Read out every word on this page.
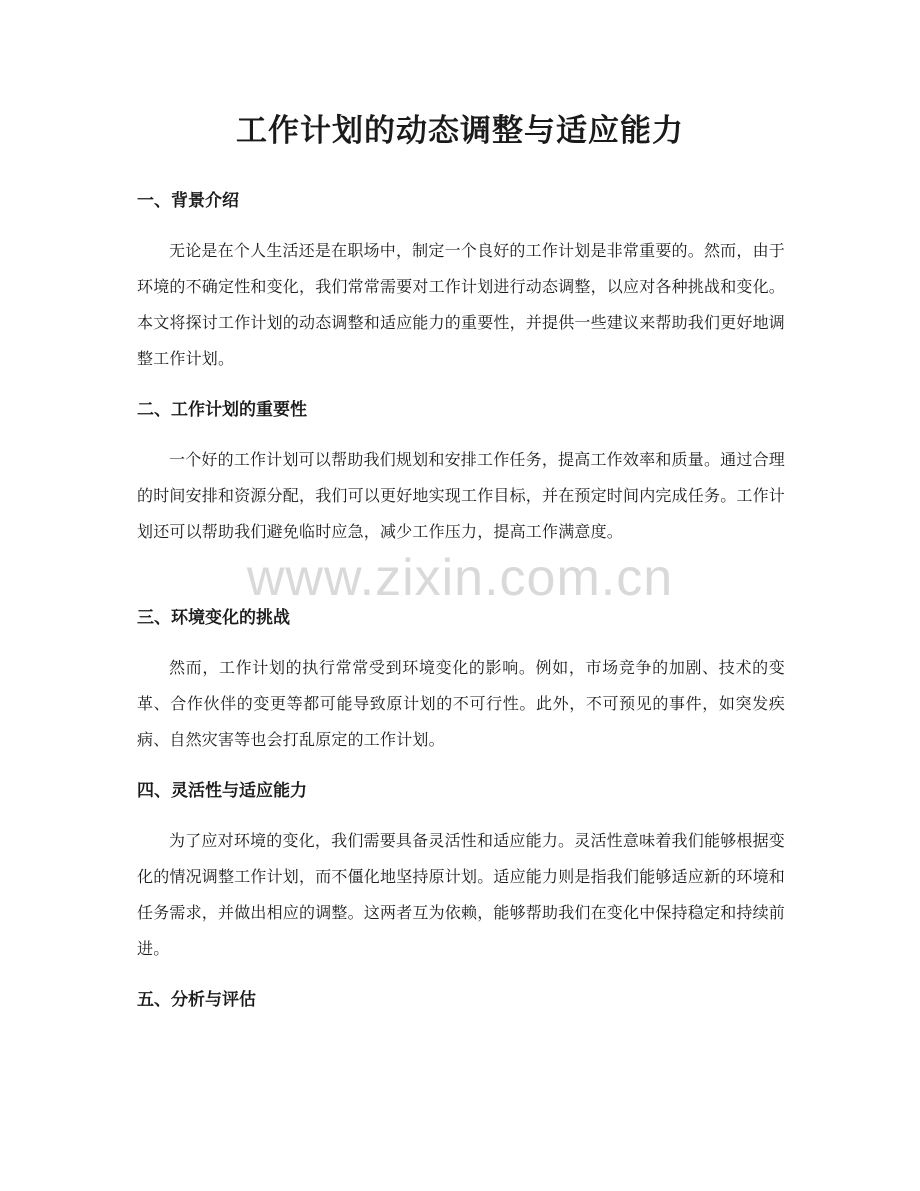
工作计划的动态调整与适应能力
一、背景介绍

无论是在个人生活还是在职场中，制定一个良好的工作计划是非常重要的。然而，由于环境的不确定性和变化，我们常常需要对工作计划进行动态调整，以应对各种挑战和变化。本文将探讨工作计划的动态调整和适应能力的重要性，并提供一些建议来帮助我们更好地调整工作计划。

二、工作计划的重要性

一个好的工作计划可以帮助我们规划和安排工作任务，提高工作效率和质量。通过合理的时间安排和资源分配，我们可以更好地实现工作目标，并在预定时间内完成任务。工作计划还可以帮助我们避免临时应急，减少工作压力，提高工作满意度。

三、环境变化的挑战

然而，工作计划的执行常常受到环境变化的影响。例如，市场竞争的加剧、技术的变革、合作伙伴的变更等都可能导致原计划的不可行性。此外，不可预见的事件，如突发疾病、自然灾害等也会打乱原定的工作计划。

四、灵活性与适应能力

为了应对环境的变化，我们需要具备灵活性和适应能力。灵活性意味着我们能够根据变化的情况调整工作计划，而不僵化地坚持原计划。适应能力则是指我们能够适应新的环境和任务需求，并做出相应的调整。这两者互为依赖，能够帮助我们在变化中保持稳定和持续前进。

五、分析与评估
www.zixin.com.cn
